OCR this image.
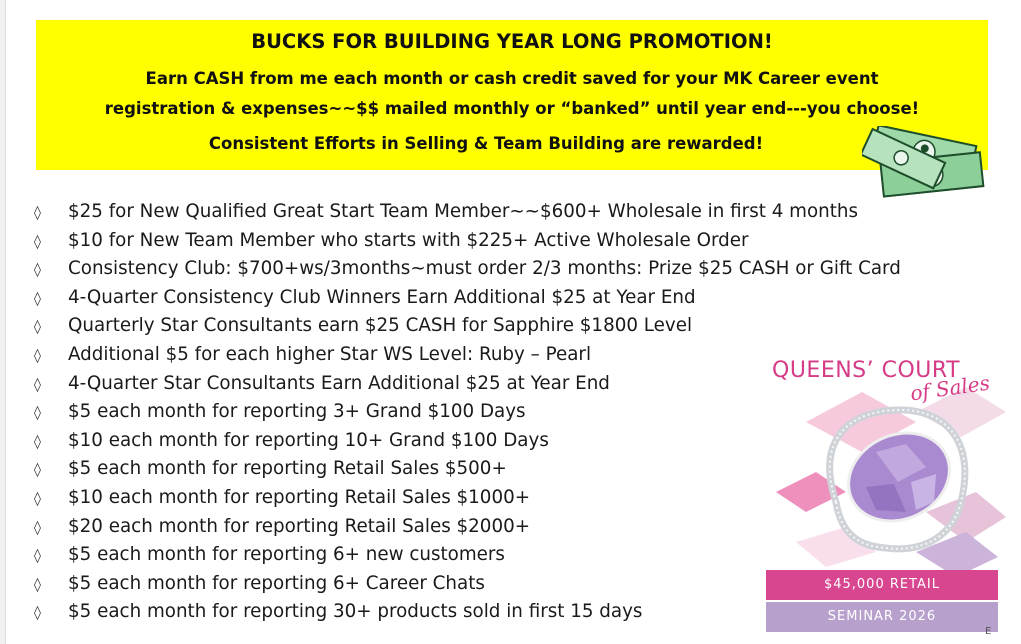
BUCKS FOR BUILDING YEAR LONG PROMOTION!
Earn CASH from me each month or cash credit saved for your MK Career event
registration & expenses~~$$ mailed monthly or “banked” until year end---you choose!
Consistent Efforts in Selling & Team Building are rewarded!
◊ $25 for New Qualified Great Start Team Member~~$600+ Wholesale in first 4 months
◊ $10 for New Team Member who starts with $225+ Active Wholesale Order
◊ Consistency Club: $700+ws/3months~must order 2/3 months: Prize $25 CASH or Gift Card
◊ 4-Quarter Consistency Club Winners Earn Additional $25 at Year End
◊ Quarterly Star Consultants earn $25 CASH for Sapphire $1800 Level
◊ Additional $5 for each higher Star WS Level: Ruby – Pearl
◊ 4-Quarter Star Consultants Earn Additional $25 at Year End
◊ $5 each month for reporting 3+ Grand $100 Days
◊ $10 each month for reporting 10+ Grand $100 Days
◊ $5 each month for reporting Retail Sales $500+
◊ $10 each month for reporting Retail Sales $1000+
◊ $20 each month for reporting Retail Sales $2000+
◊ $5 each month for reporting 6+ new customers
◊ $5 each month for reporting 6+ Career Chats
◊ $5 each month for reporting 30+ products sold in first 15 days
QUEENS’ COURT
of Sales
$45,000 RETAIL
SEMINAR 2026
E
